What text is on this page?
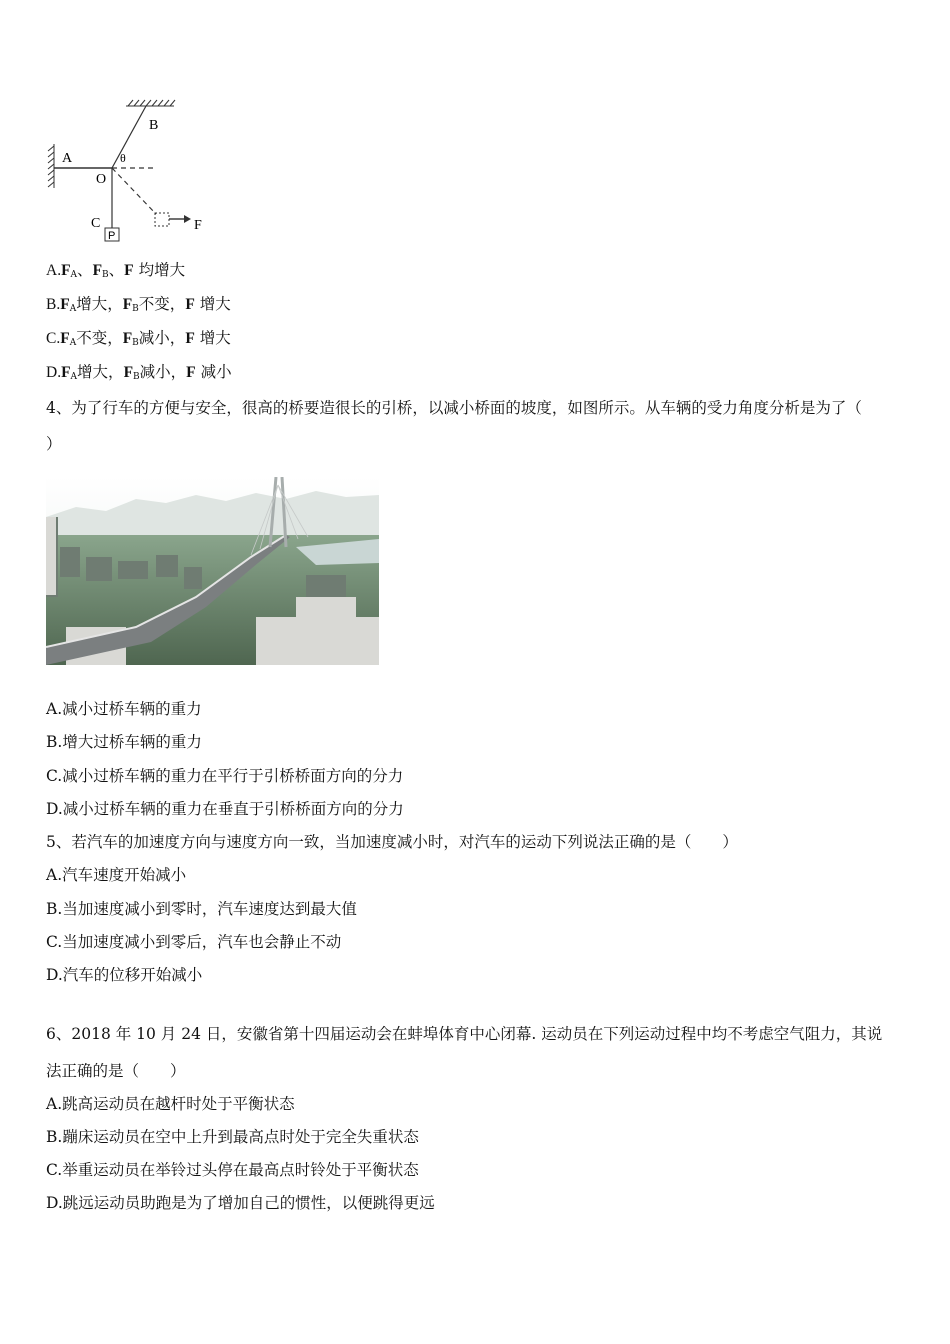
A
B
O
θ
C
P
F
$A.F_A$、$F_B$、F 均增大
$B.F_A$增大，$F_B$不变，F 增大
$C.F_A$不变，$F_B$减小，F 增大
$D.F_A$增大，$F_B$减小，F 减小
4、为了行车的方便与安全，很高的桥要造很长的引桥，以减小桥面的坡度，如图所示。从车辆的受力角度分析是为了（
）
A.减小过桥车辆的重力
B.增大过桥车辆的重力
C.减小过桥车辆的重力在平行于引桥桥面方向的分力
D.减小过桥车辆的重力在垂直于引桥桥面方向的分力
5、若汽车的加速度方向与速度方向一致，当加速度减小时，对汽车的运动下列说法正确的是（　　）
A.汽车速度开始减小
B.当加速度减小到零时，汽车速度达到最大值
C.当加速度减小到零后，汽车也会静止不动
D.汽车的位移开始减小
6、2018 年 10 月 24 日，安徽省第十四届运动会在蚌埠体育中心闭幕. 运动员在下列运动过程中均不考虑空气阻力，其说
法正确的是（　　）
A.跳高运动员在越杆时处于平衡状态
B.蹦床运动员在空中上升到最高点时处于完全失重状态
C.举重运动员在举铃过头停在最高点时铃处于平衡状态
D.跳远运动员助跑是为了增加自己的惯性，以便跳得更远
